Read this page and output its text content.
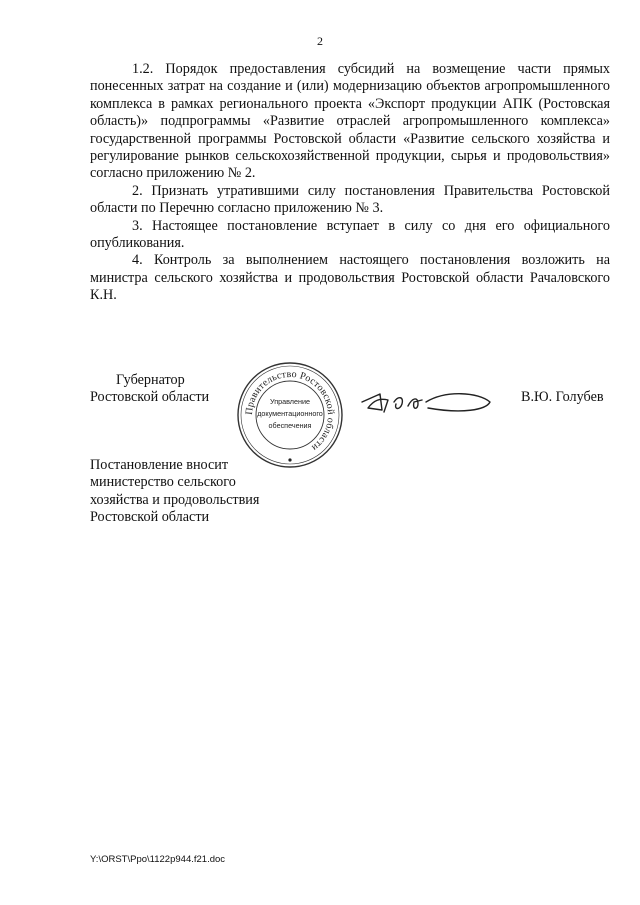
2

1.2. Порядок предоставления субсидий на возмещение части прямых понесенных затрат на создание и (или) модернизацию объектов агропромышленного комплекса в рамках регионального проекта «Экспорт продукции АПК (Ростовская область)» подпрограммы «Развитие отраслей агропромышленного комплекса» государственной программы Ростовской области «Развитие сельского хозяйства и регулирование рынков сельскохозяйственной продукции, сырья и продовольствия» согласно приложению № 2.

2. Признать утратившими силу постановления Правительства Ростовской области по Перечню согласно приложению № 3.

3. Настоящее постановление вступает в силу со дня его официального опубликования.

4. Контроль за выполнением настоящего постановления возложить на министра сельского хозяйства и продовольствия Ростовской области Рачаловского К.Н.

Губернатор
Ростовской области
Правительство Ростовской области
Управление
документационного
обеспечения
В.Ю. Голубев
Постановление вносит
министерство сельского
хозяйства и продовольствия
Ростовской области
Y:\ORST\Ppo\1122p944.f21.doc
